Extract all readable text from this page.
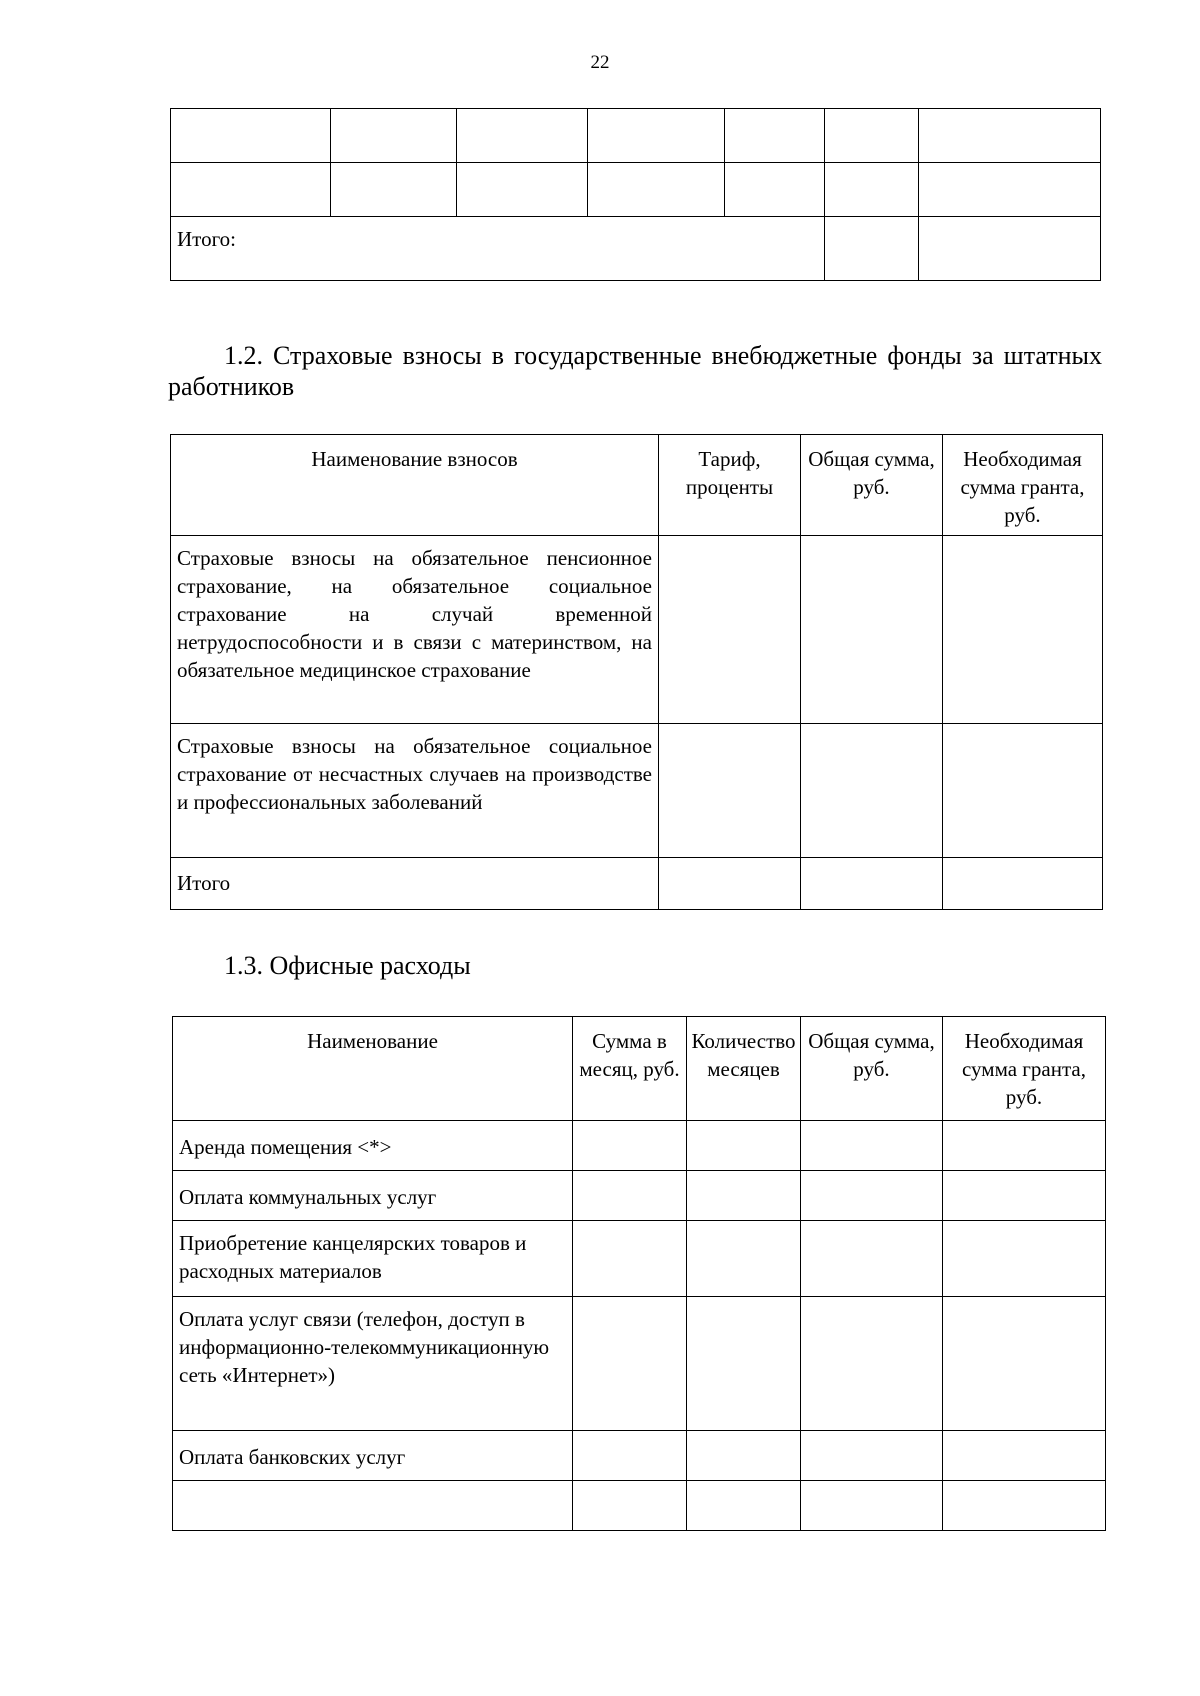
22

Итого:						
1.2. Страховые взносы в государственные внебюджетные фонды за штатных работников
Наименование взносов	Тариф, проценты	Общая сумма, руб.	Необходимая сумма гранта, руб.
Страховые взносы на обязательное пенсионное страхование, на обязательное социальное страхование на случай временной нетрудоспособности и в связи с материнством, на обязательное медицинское страхование			
Страховые взносы на обязательное социальное страхование от несчастных случаев на производстве и профессиональных заболеваний			
Итого			
1.3. Офисные расходы
Наименование	Сумма в месяц, руб.	Количество месяцев	Общая сумма, руб.	Необходимая сумма гранта, руб.
Аренда помещения <*>				
Оплата коммунальных услуг				
Приобретение канцелярских товаров и расходных материалов				
Оплата услуг связи (телефон, доступ в информационно-телекоммуникационную сеть «Интернет»)				
Оплата банковских услуг				
